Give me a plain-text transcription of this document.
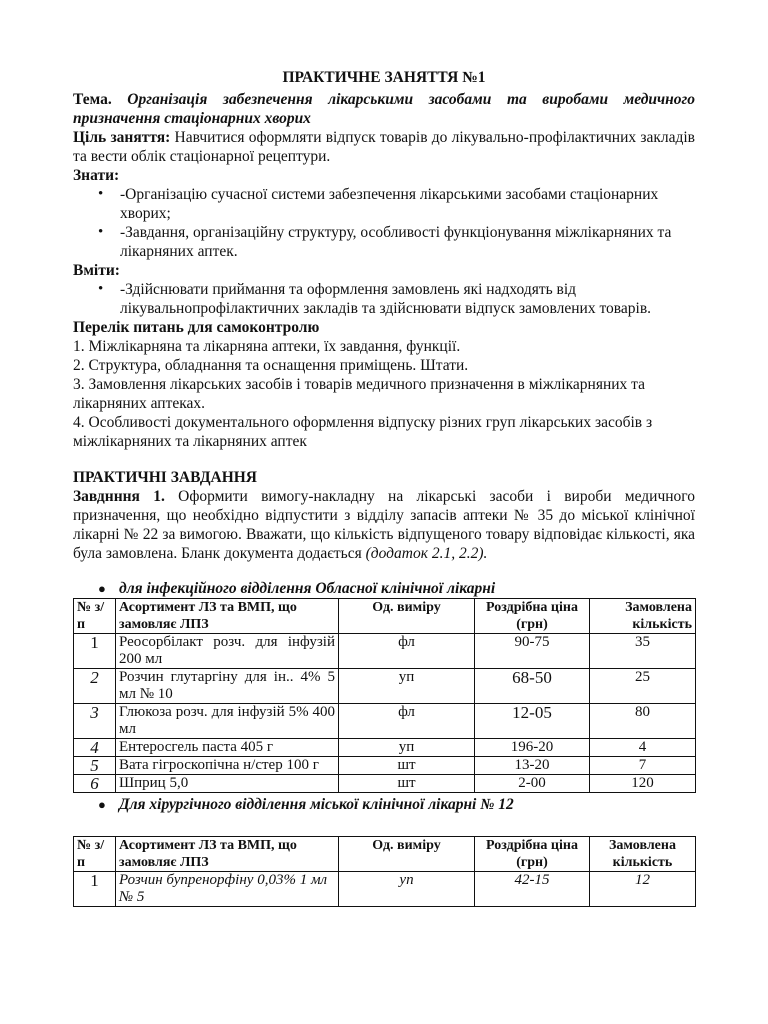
ПРАКТИЧНЕ ЗАНЯТТЯ №1

Тема. Організація забезпечення лікарськими засобами та виробами медичного призначення стаціонарних хворих

Ціль заняття: Навчитися оформляти відпуск товарів до лікувально-профілактичних закладів та вести облік стаціонарної рецептури.

Знати:

• -Організацію сучасної системи забезпечення лікарськими засобами стаціонарних хворих;
• -Завдання, організаційну структуру, особливості функціонування міжлікарняних та лікарняних аптек.

Вміти:

• -Здійснювати приймання та оформлення замовлень які надходять від лікувальнопрофілактичних закладів та здійснювати відпуск замовлених товарів.

Перелік питань для самоконтролю

1. Міжлікарняна та лікарняна аптеки, їх завдання, функції.

2. Структура, обладнання та оснащення приміщень. Штати.

3. Замовлення лікарських засобів і товарів медичного призначення в міжлікарняних та лікарняних аптеках.

4. Особливості документального оформлення відпуску різних груп лікарських засобів з міжлікарняних та лікарняних аптек

ПРАКТИЧНІ ЗАВДАННЯ

Завднння 1. Оформити вимогу-накладну на лікарські засоби і вироби медичного призначення, що необхідно відпустити з відділу запасів аптеки № 35 до міської клінічної лікарні № 22 за вимогою. Вважати, що кількість відпущеного товару відповідає кількості, яка була замовлена. Бланк документа додається (додаток 2.1, 2.2).

● для інфекційного відділення Обласної клінічної лікарні

№ з/п	Асортимент ЛЗ та ВМП, що замовляє ЛПЗ	Од. виміру	Роздрібна ціна (грн)	Замовлена кількість
1	Реосорбілакт розч. для інфузій 200 мл	фл	90-75	35
2	Розчин глутаргіну для ін.. 4% 5 мл № 10	уп	68-50	25
3	Глюкоза розч. для інфузій 5% 400 мл	фл	12-05	80
4	Ентеросгель паста 405 г	уп	196-20	4
5	Вата гігроскопічна н/стер 100 г	шт	13-20	7
6	Шприц 5,0	шт	2-00	120

● Для хірургічного відділення міської клінічної лікарні № 12

№ з/п	Асортимент ЛЗ та ВМП, що замовляє ЛПЗ	Од. виміру	Роздрібна ціна (грн)	Замовлена кількість
1	Розчин бупренорфіну 0,03% 1 мл № 5	уп	42-15	12
